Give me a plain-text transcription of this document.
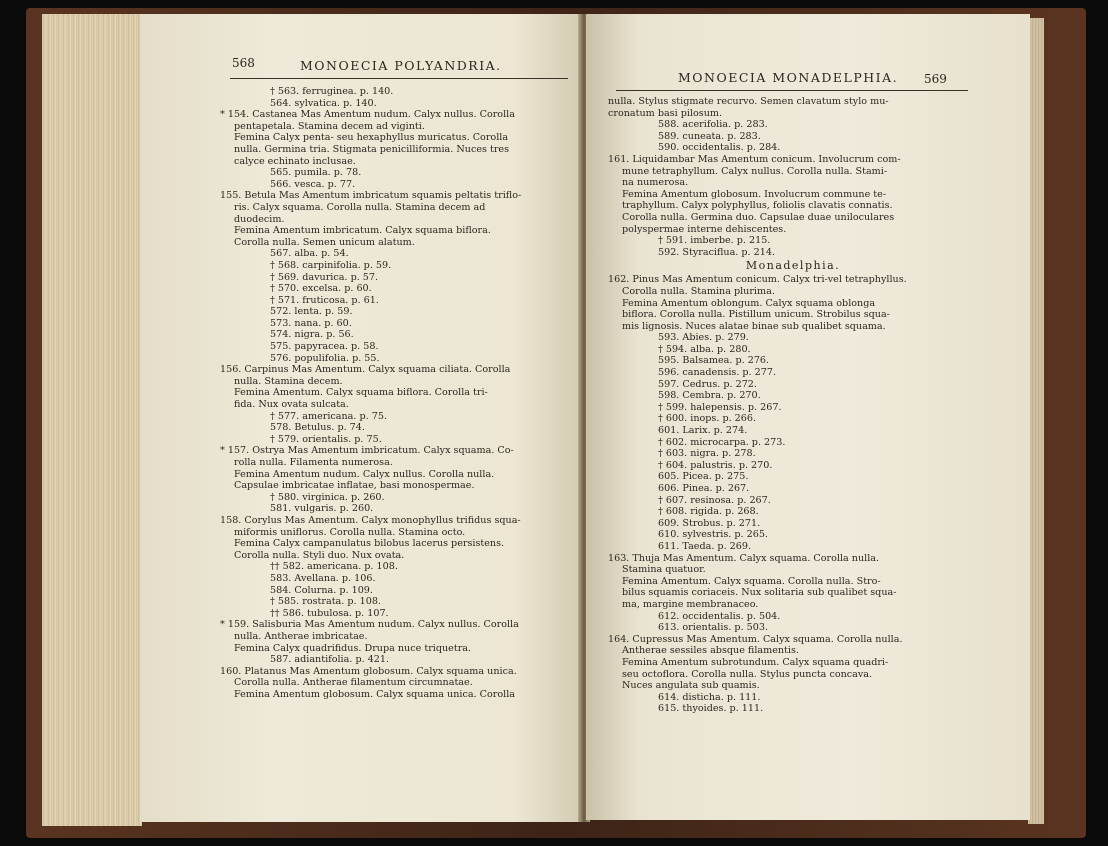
568	MONOECIA POLYANDRIA.
† 563. ferruginea. p. 140.
564. sylvatica. p. 140.
* 154. Castanea Mas Amentum nudum. Calyx nullus. Corolla
pentapetala. Stamina decem ad viginti.
Femina Calyx penta- seu hexaphyllus muricatus. Corolla
nulla. Germina tria. Stigmata penicilliformia. Nuces tres
calyce echinato inclusae.
565. pumila. p. 78.
566. vesca. p. 77.
155. Betula Mas Amentum imbricatum squamis peltatis triflo-
ris. Calyx squama. Corolla nulla. Stamina decem ad
duodecim.
Femina Amentum imbricatum. Calyx squama biflora.
Corolla nulla. Semen unicum alatum.
567. alba. p. 54.
† 568. carpinifolia. p. 59.
† 569. davurica. p. 57.
† 570. excelsa. p. 60.
† 571. fruticosa. p. 61.
572. lenta. p. 59.
573. nana. p. 60.
574. nigra. p. 56.
575. papyracea. p. 58.
576. populifolia. p. 55.
156. Carpinus Mas Amentum. Calyx squama ciliata. Corolla
nulla. Stamina decem.
Femina Amentum. Calyx squama biflora. Corolla tri-
fida. Nux ovata sulcata.
† 577. americana. p. 75.
578. Betulus. p. 74.
† 579. orientalis. p. 75.
* 157. Ostrya Mas Amentum imbricatum. Calyx squama. Co-
rolla nulla. Filamenta numerosa.
Femina Amentum nudum. Calyx nullus. Corolla nulla.
Capsulae imbricatae inflatae, basi monospermae.
† 580. virginica. p. 260.
581. vulgaris. p. 260.
158. Corylus Mas Amentum. Calyx monophyllus trifidus squa-
miformis uniflorus. Corolla nulla. Stamina octo.
Femina Calyx campanulatus bilobus lacerus persistens.
Corolla nulla. Styli duo. Nux ovata.
†† 582. americana. p. 108.
583. Avellana. p. 106.
584. Colurna. p. 109.
† 585. rostrata. p. 108.
†† 586. tubulosa. p. 107.
* 159. Salisburia Mas Amentum nudum. Calyx nullus. Corolla
nulla. Antherae imbricatae.
Femina Calyx quadrifidus. Drupa nuce triquetra.
587. adiantifolia. p. 421.
160. Platanus Mas Amentum globosum. Calyx squama unica.
Corolla nulla. Antherae filamentum circumnatae.
Femina Amentum globosum. Calyx squama unica. Corolla
MONOECIA MONADELPHIA. 569
nulla. Stylus stigmate recurvo. Semen clavatum stylo mu-
cronatum basi pilosum.
588. acerifolia. p. 283.
589. cuneata. p. 283.
590. occidentalis. p. 284.
161. Liquidambar Mas Amentum conicum. Involucrum com-
mune tetraphyllum. Calyx nullus. Corolla nulla. Stami-
na numerosa.
Femina Amentum globosum. Involucrum commune te-
traphyllum. Calyx polyphyllus, foliolis clavatis connatis.
Corolla nulla. Germina duo. Capsulae duae uniloculares
polyspermae interne dehiscentes.
† 591. imberbe. p. 215.
592. Styraciflua. p. 214.
Monadelphia.
162. Pinus Mas Amentum conicum. Calyx tri-vel tetraphyllus.
Corolla nulla. Stamina plurima.
Femina Amentum oblongum. Calyx squama oblonga
biflora. Corolla nulla. Pistillum unicum. Strobilus squa-
mis lignosis. Nuces alatae binae sub qualibet squama.
593. Abies. p. 279.
† 594. alba. p. 280.
595. Balsamea. p. 276.
596. canadensis. p. 277.
597. Cedrus. p. 272.
598. Cembra. p. 270.
† 599. halepensis. p. 267.
† 600. inops. p. 266.
601. Larix. p. 274.
† 602. microcarpa. p. 273.
† 603. nigra. p. 278.
† 604. palustris. p. 270.
605. Picea. p. 275.
606. Pinea. p. 267.
† 607. resinosa. p. 267.
† 608. rigida. p. 268.
609. Strobus. p. 271.
610. sylvestris. p. 265.
611. Taeda. p. 269.
163. Thuja Mas Amentum. Calyx squama. Corolla nulla.
Stamina quatuor.
Femina Amentum. Calyx squama. Corolla nulla. Stro-
bilus squamis coriaceis. Nux solitaria sub qualibet squa-
ma, margine membranaceo.
612. occidentalis. p. 504.
613. orientalis. p. 503.
164. Cupressus Mas Amentum. Calyx squama. Corolla nulla.
Antherae sessiles absque filamentis.
Femina Amentum subrotundum. Calyx squama quadri-
seu octoflora. Corolla nulla. Stylus puncta concava.
Nuces angulata sub quamis.
614. disticha. p. 111.
615. thyoides. p. 111.
